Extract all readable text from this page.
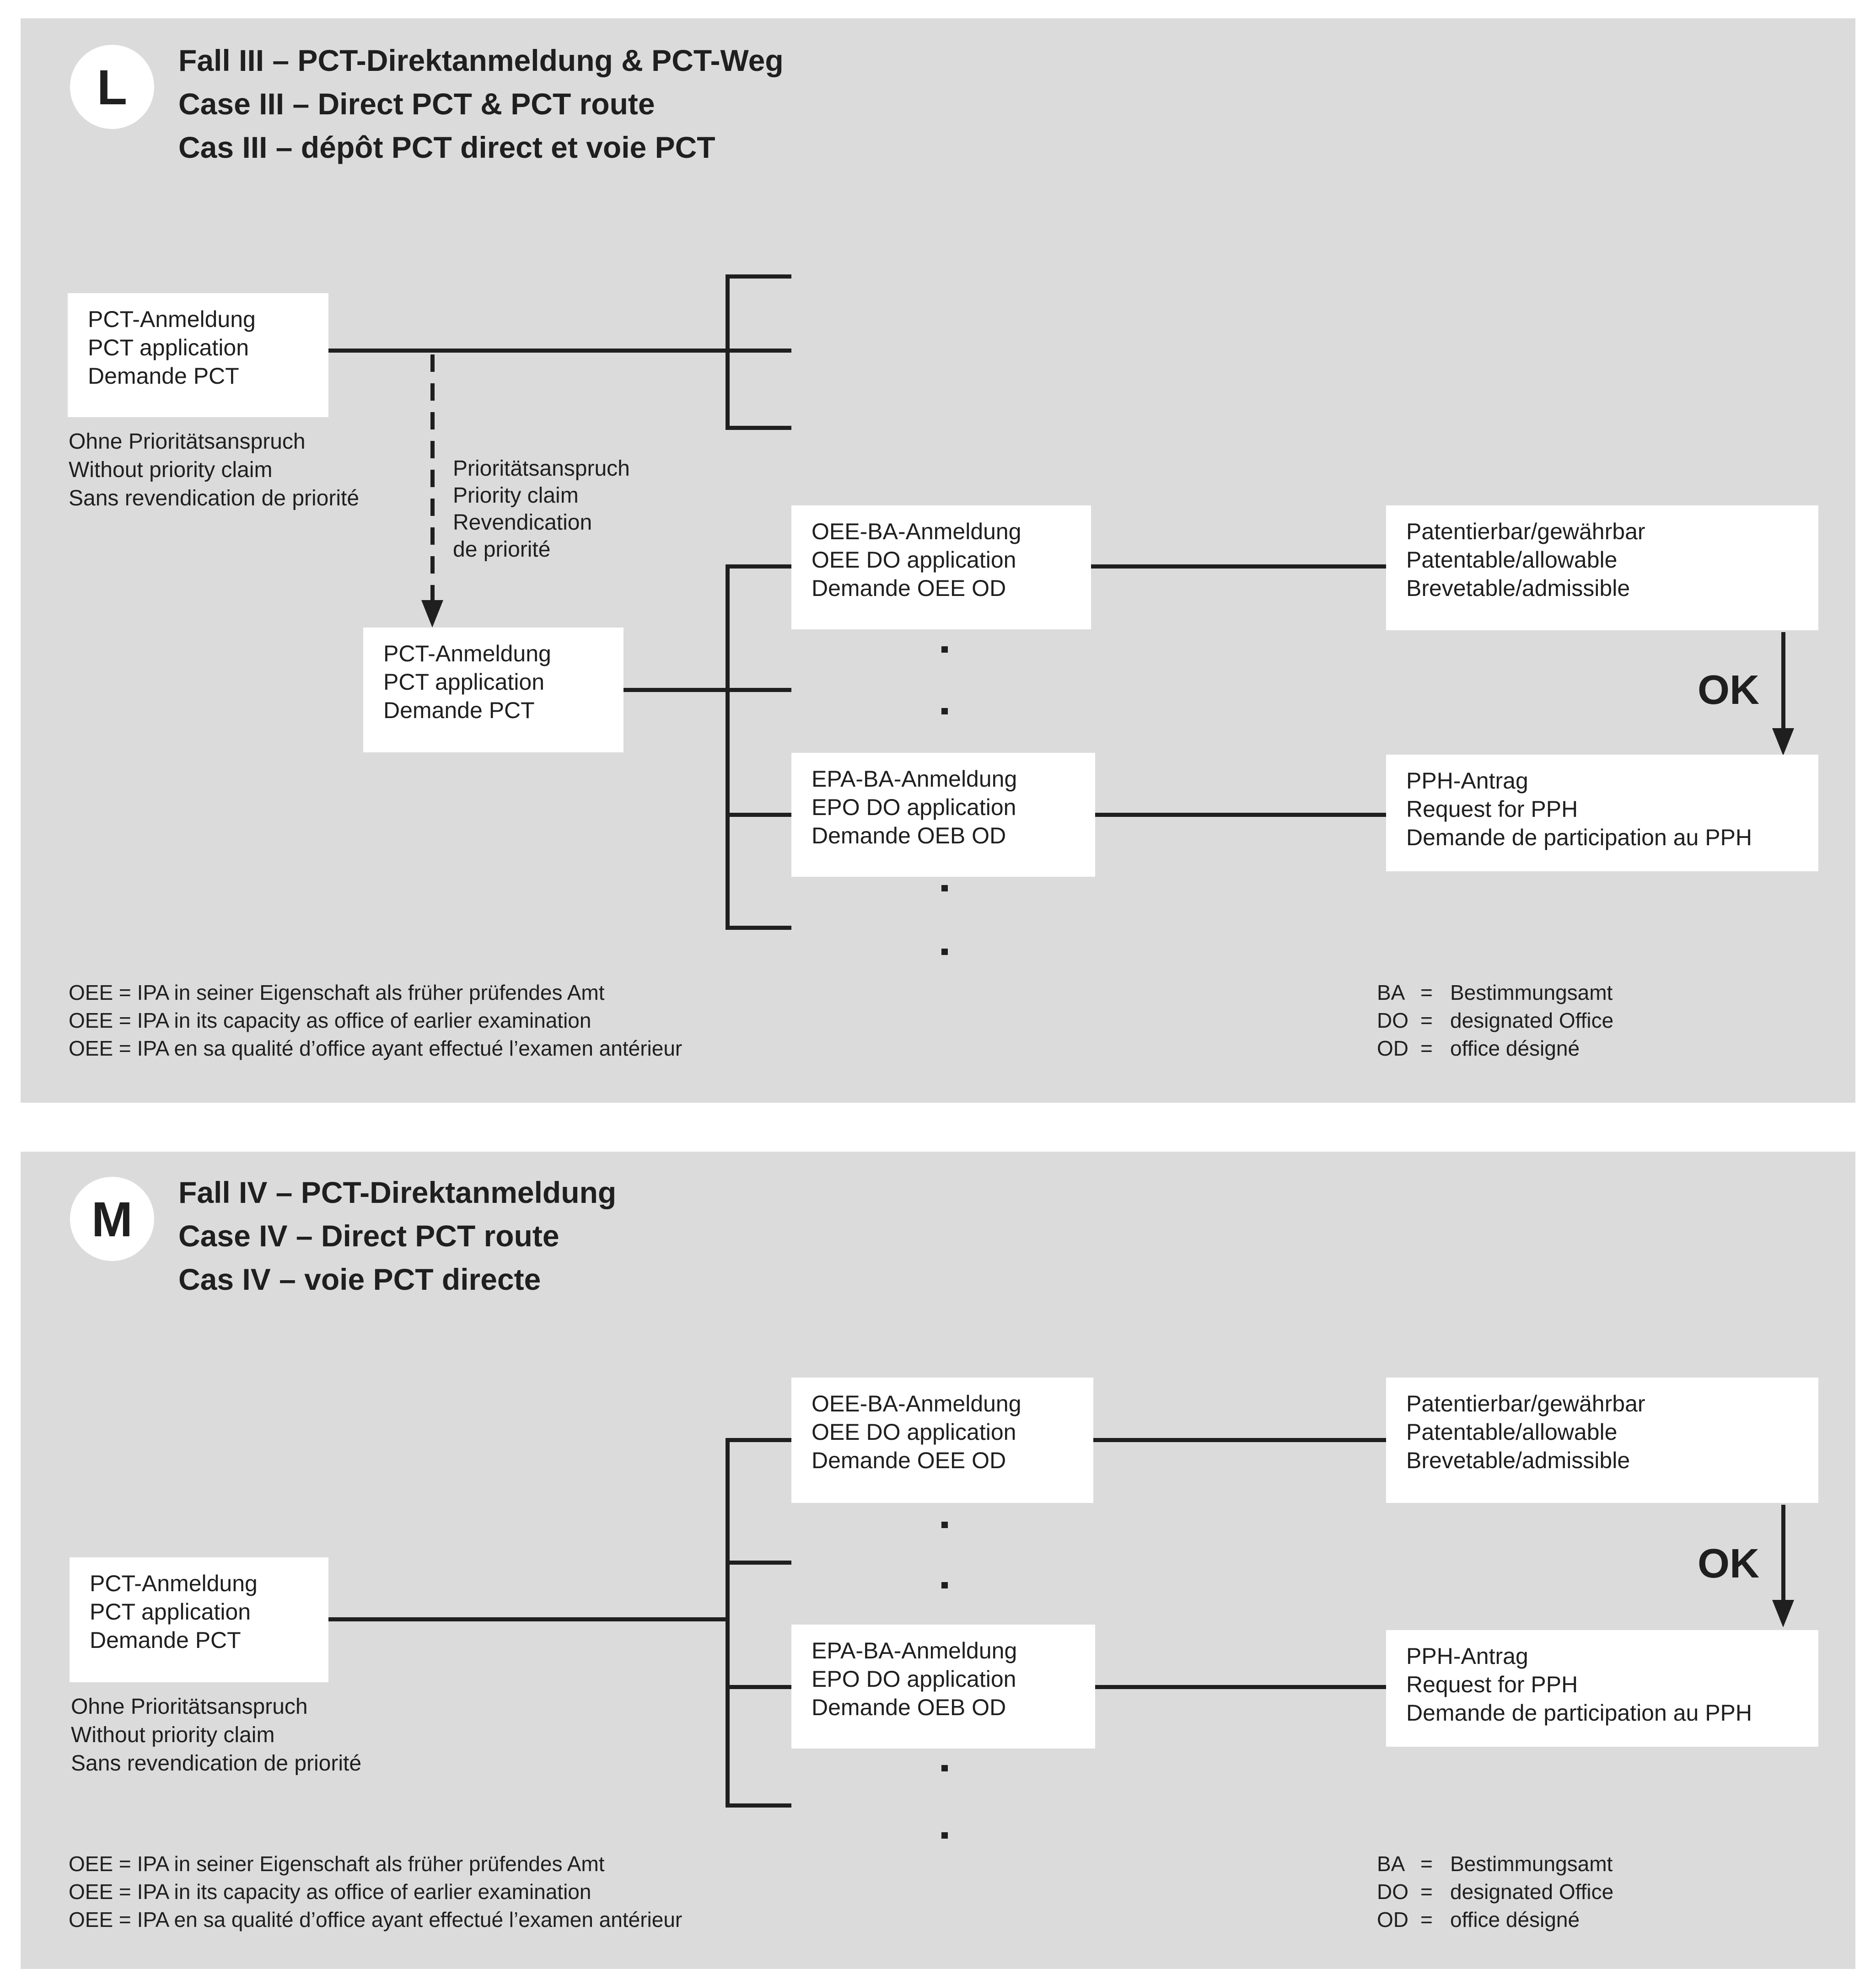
L Fall III – PCT-Direktanmeldung & PCT-Weg
Case III – Direct PCT & PCT route
Cas III – dépôt PCT direct et voie PCT
PCT-Anmeldung
PCT application
Demande PCT
Ohne Prioritätsanspruch
Without priority claim
Sans revendication de priorité
Prioritätsanspruch
Priority claim
Revendication
de priorité
PCT-Anmeldung
PCT application
Demande PCT
OEE-BA-Anmeldung
OEE DO application
Demande OEE OD
EPA-BA-Anmeldung
EPO DO application
Demande OEB OD
Patentierbar/gewährbar
Patentable/allowable
Brevetable/admissible
OK
PPH-Antrag
Request for PPH
Demande de participation au PPH
OEE = IPA in seiner Eigenschaft als früher prüfendes Amt
OEE = IPA in its capacity as office of earlier examination
OEE = IPA en sa qualité d’office ayant effectué l’examen antérieur
BA = Bestimmungsamt
DO = designated Office
OD = office désigné
M Fall IV – PCT-Direktanmeldung
Case IV – Direct PCT route
Cas IV – voie PCT directe
PCT-Anmeldung
PCT application
Demande PCT
Ohne Prioritätsanspruch
Without priority claim
Sans revendication de priorité
OEE-BA-Anmeldung
OEE DO application
Demande OEE OD
EPA-BA-Anmeldung
EPO DO application
Demande OEB OD
Patentierbar/gewährbar
Patentable/allowable
Brevetable/admissible
OK
PPH-Antrag
Request for PPH
Demande de participation au PPH
OEE = IPA in seiner Eigenschaft als früher prüfendes Amt
OEE = IPA in its capacity as office of earlier examination
OEE = IPA en sa qualité d’office ayant effectué l’examen antérieur
BA = Bestimmungsamt
DO = designated Office
OD = office désigné
